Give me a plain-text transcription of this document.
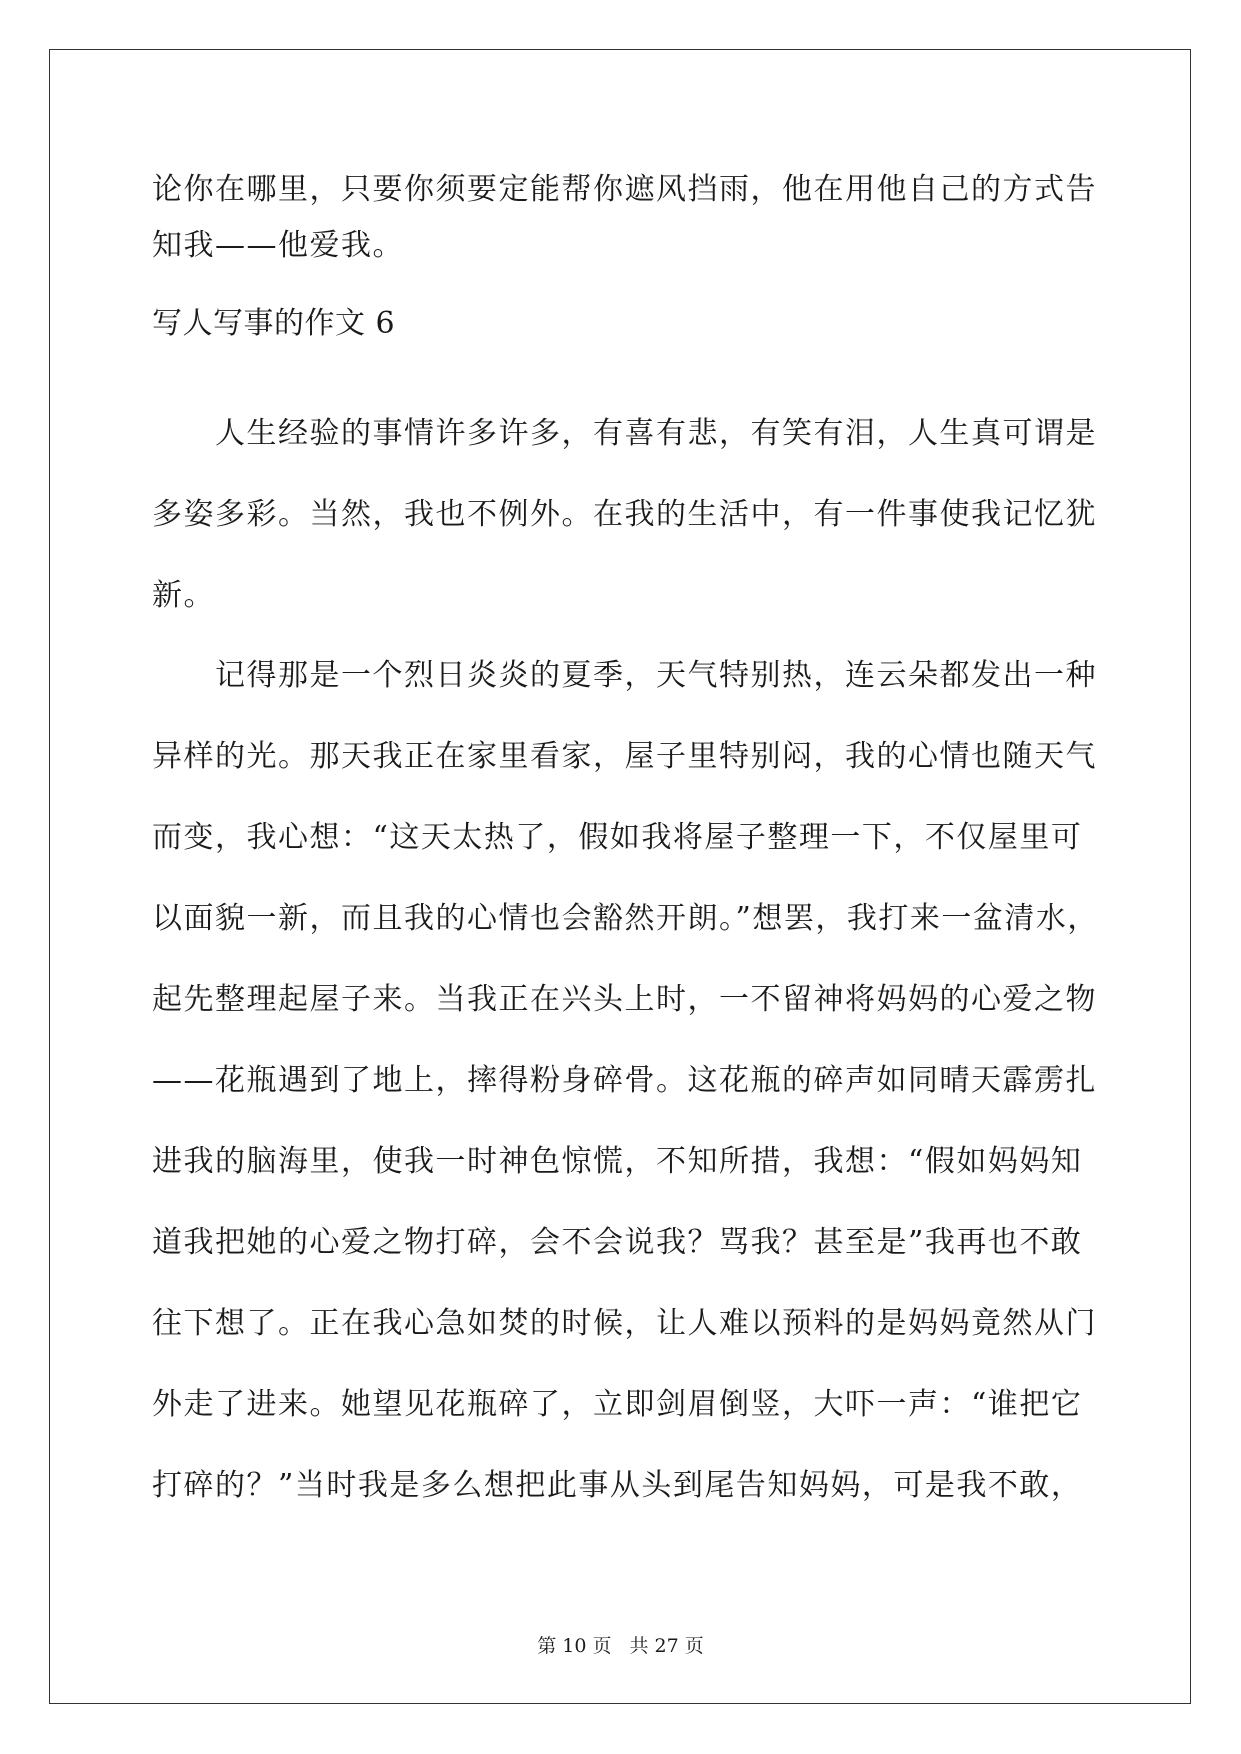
论你在哪里，只要你须要定能帮你遮风挡雨，他在用他自己的方式告
知我——他爱我。
写人写事的作文 6
　　人生经验的事情许多许多，有喜有悲，有笑有泪，人生真可谓是
多姿多彩。当然，我也不例外。在我的生活中，有一件事使我记忆犹
新。
　　记得那是一个烈日炎炎的夏季，天气特别热，连云朵都发出一种
异样的光。那天我正在家里看家，屋子里特别闷，我的心情也随天气
而变，我心想：“这天太热了，假如我将屋子整理一下，不仅屋里可
以面貌一新，而且我的心情也会豁然开朗。”想罢，我打来一盆清水，
起先整理起屋子来。当我正在兴头上时，一不留神将妈妈的心爱之物
——花瓶遇到了地上，摔得粉身碎骨。这花瓶的碎声如同晴天霹雳扎
进我的脑海里，使我一时神色惊慌，不知所措，我想：“假如妈妈知
道我把她的心爱之物打碎，会不会说我？骂我？甚至是”我再也不敢
往下想了。正在我心急如焚的时候，让人难以预料的是妈妈竟然从门
外走了进来。她望见花瓶碎了，立即剑眉倒竖，大吓一声：“谁把它
打碎的？”当时我是多么想把此事从头到尾告知妈妈，可是我不敢，
第 10 页 共 27 页
